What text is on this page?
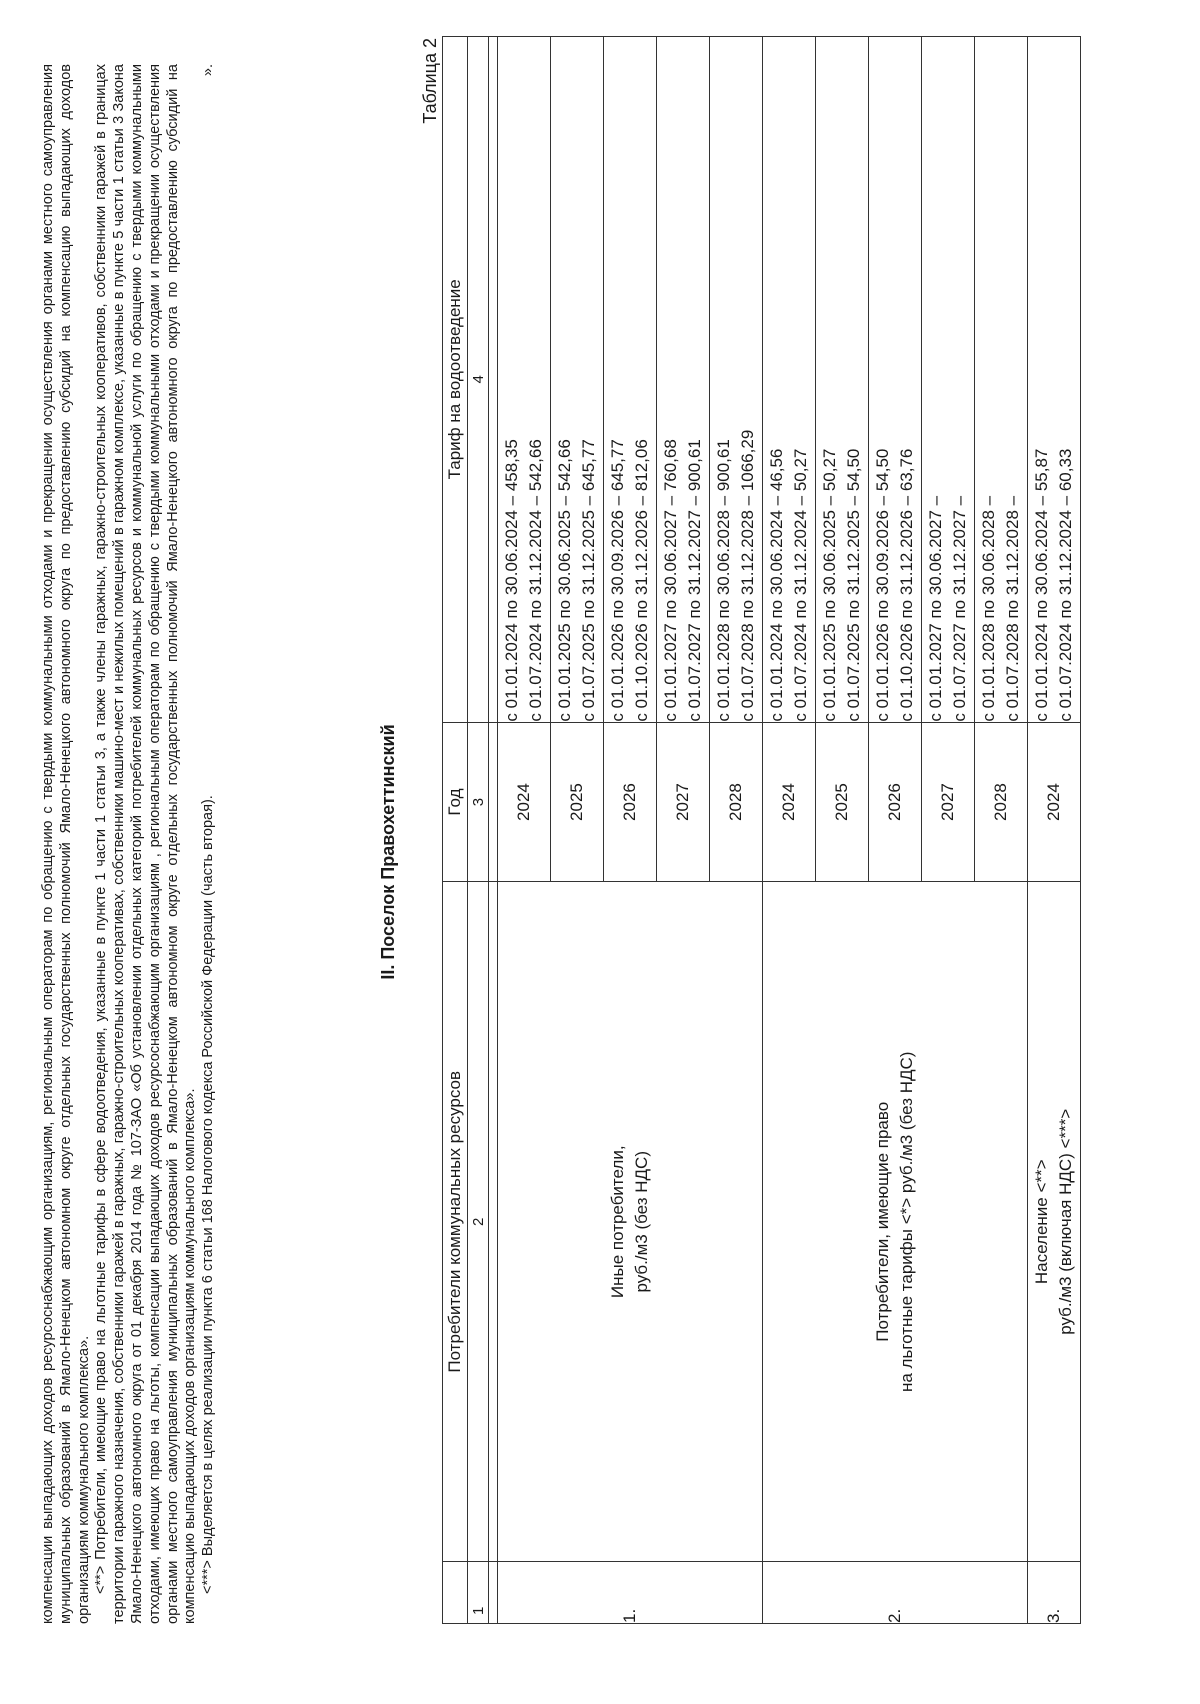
компенсации выпадающих доходов ресурсоснабжающим организациям, региональным операторам по обращению с твердыми коммунальными отходами и прекращении осуществления органами местного самоуправления муниципальных образований в Ямало-Ненецком автономном округе отдельных государственных полномочий Ямало-Ненецкого автономного округа по предоставлению субсидий на компенсацию выпадающих доходов организациям коммунального комплекса». <**> Потребители, имеющие право на льготные тарифы в сфере водоотведения, указанные в пункте 1 части 1 статьи 3, а также члены гаражных, гаражно-строительных кооперативов, собственники гаражей в границах территории гаражного назначения, собственники гаражей в гаражных, гаражно-строительных кооперативах, собственники машино-мест и нежилых помещений в гаражном комплексе, указанные в пункте 5 части 1 статьи 3 Закона Ямало-Ненецкого автономного округа от 01 декабря 2014 года № 107-ЗАО «Об установлении отдельных категорий потребителей коммунальных ресурсов и коммунальной услуги по обращению с твердыми коммунальными отходами, имеющих право на льготы, компенсации выпадающих доходов ресурсоснабжающим организациям , региональным операторам по обращению с твердыми коммунальными отходами и прекращении осуществления органами местного самоуправления муниципальных образований в Ямало-Ненецком автономном округе отдельных государственных полномочий Ямало-Ненецкого автономного округа по предоставлению субсидий на компенсацию выпадающих доходов организациям коммунального комплекса». <***> Выделяется в целях реализации пункта 6 статьи 168 Налогового кодекса Российской Федерации (часть вторая).

».
II. Поселок Правохеттинский
Таблица 2
	Потребители коммунальных ресурсов	Год	Тариф на водоотведение
1	2	3	4

1.	Иные потребители, руб./м3 (без НДС)	2024	с 01.01.2024 по 30.06.2024 – 458,35 с 01.07.2024 по 31.12.2024 – 542,66
		2025	с 01.01.2025 по 30.06.2025 – 542,66 с 01.07.2025 по 31.12.2025 – 645,77
		2026	с 01.01.2026 по 30.09.2026 – 645,77 с 01.10.2026 по 31.12.2026 – 812,06
		2027	с 01.01.2027 по 30.06.2027 – 760,68 с 01.07.2027 по 31.12.2027 – 900,61
		2028	с 01.01.2028 по 30.06.2028 – 900,61 с 01.07.2028 по 31.12.2028 – 1066,29
2.	Потребители, имеющие право на льготные тарифы <*> руб./м3 (без НДС)	2024	с 01.01.2024 по 30.06.2024 – 46,56 с 01.07.2024 по 31.12.2024 – 50,27
		2025	с 01.01.2025 по 30.06.2025 – 50,27 с 01.07.2025 по 31.12.2025 – 54,50
		2026	с 01.01.2026 по 30.09.2026 – 54,50 с 01.10.2026 по 31.12.2026 – 63,76
		2027	с 01.01.2027 по 30.06.2027 – с 01.07.2027 по 31.12.2027 –
		2028	с 01.01.2028 по 30.06.2028 – с 01.07.2028 по 31.12.2028 –
3.	Население <**> руб./м3 (включая НДС) <***>	2024	с 01.01.2024 по 30.06.2024 – 55,87 с 01.07.2024 по 31.12.2024 – 60,33
